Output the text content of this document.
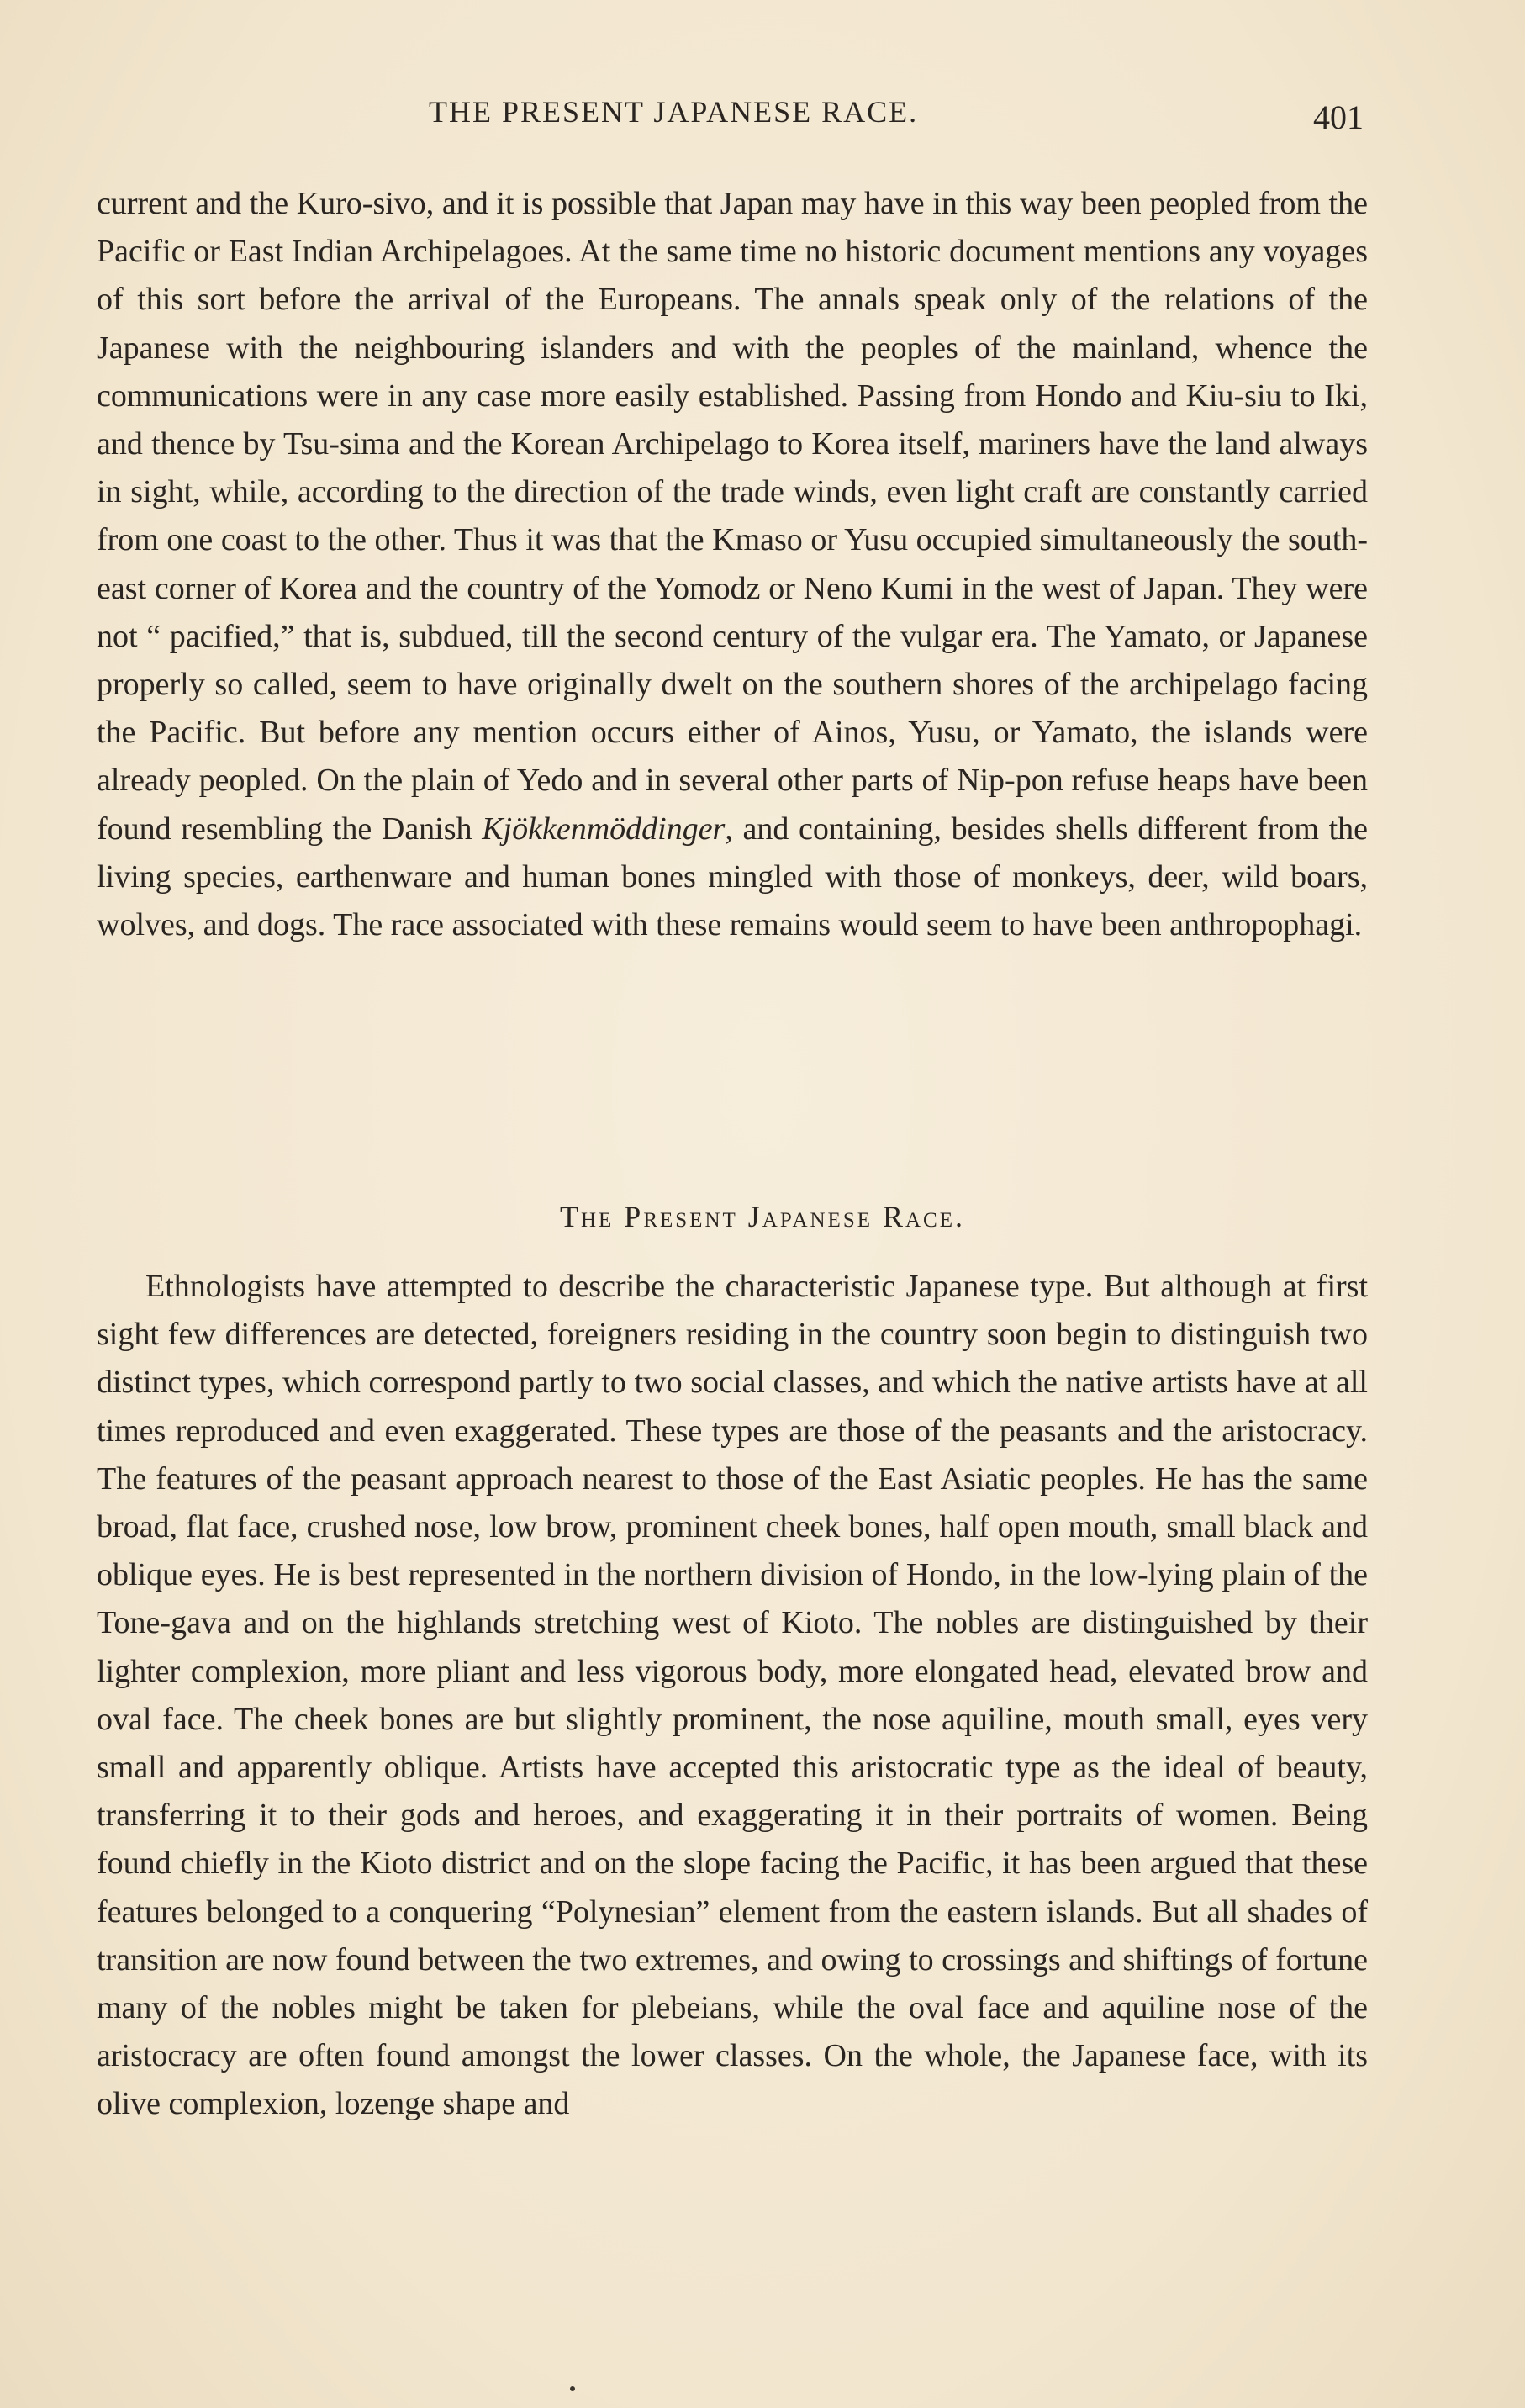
THE PRESENT JAPANESE RACE.	401

current and the Kuro-sivo, and it is possible that Japan may have in this way been peopled from the Pacific or East Indian Archipelagoes. At the same time no historic document mentions any voyages of this sort before the arrival of the Europeans. The annals speak only of the relations of the Japanese with the neighbouring islanders and with the peoples of the mainland, whence the communications were in any case more easily established. Passing from Hondo and Kiu-siu to Iki, and thence by Tsu-sima and the Korean Archipelago to Korea itself, mariners have the land always in sight, while, according to the direction of the trade winds, even light craft are constantly carried from one coast to the other. Thus it was that the Kmaso or Yusu occupied simultaneously the south-east corner of Korea and the country of the Yomodz or Neno Kumi in the west of Japan. They were not “ pacified,” that is, subdued, till the second century of the vulgar era. The Yamato, or Japanese properly so called, seem to have originally dwelt on the southern shores of the archipelago facing the Pacific. But before any mention occurs either of Ainos, Yusu, or Yamato, the islands were already peopled. On the plain of Yedo and in several other parts of Nip-pon refuse heaps have been found resembling the Danish Kjökkenmöddinger, and containing, besides shells different from the living species, earthenware and human bones mingled with those of monkeys, deer, wild boars, wolves, and dogs. The race associated with these remains would seem to have been anthropophagi.

The Present Japanese Race.

Ethnologists have attempted to describe the characteristic Japanese type. But although at first sight few differences are detected, foreigners residing in the country soon begin to distinguish two distinct types, which correspond partly to two social classes, and which the native artists have at all times reproduced and even exaggerated. These types are those of the peasants and the aristocracy. The features of the peasant approach nearest to those of the East Asiatic peoples. He has the same broad, flat face, crushed nose, low brow, prominent cheek bones, half open mouth, small black and oblique eyes. He is best represented in the northern division of Hondo, in the low-lying plain of the Tone-gava and on the highlands stretching west of Kioto. The nobles are distinguished by their lighter complexion, more pliant and less vigorous body, more elongated head, elevated brow and oval face. The cheek bones are but slightly prominent, the nose aquiline, mouth small, eyes very small and apparently oblique. Artists have accepted this aristocratic type as the ideal of beauty, transferring it to their gods and heroes, and exaggerating it in their portraits of women. Being found chiefly in the Kioto district and on the slope facing the Pacific, it has been argued that these features belonged to a conquering “Polynesian” element from the eastern islands. But all shades of transition are now found between the two extremes, and owing to crossings and shiftings of fortune many of the nobles might be taken for plebeians, while the oval face and aquiline nose of the aristocracy are often found amongst the lower classes. On the whole, the Japanese face, with its olive complexion, lozenge shape and
